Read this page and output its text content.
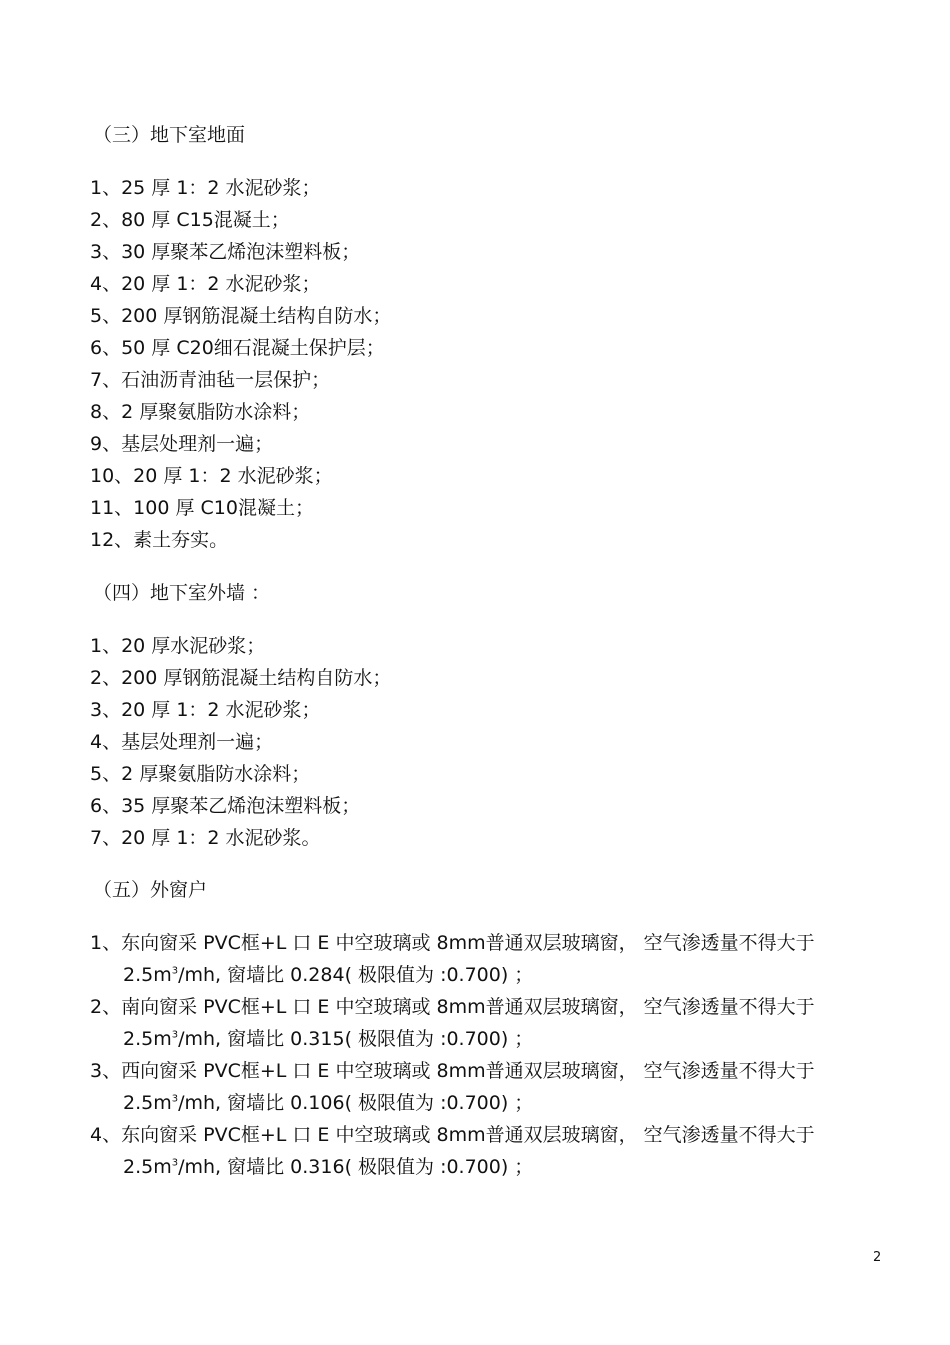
（三）地下室地面
1、25 厚 1：2 水泥砂浆；
2、80 厚 C15混凝土；
3、30 厚聚苯乙烯泡沫塑料板；
4、20 厚 1：2 水泥砂浆；
5、200 厚钢筋混凝土结构自防水；
6、50 厚 C20细石混凝土保护层；
7、石油沥青油毡一层保护；
8、2 厚聚氨脂防水涂料；
9、基层处理剂一遍；
10、20 厚 1：2 水泥砂浆；
11、100 厚 C10混凝土；
12、素土夯实。
（四）地下室外墙 ：
1、20 厚水泥砂浆；
2、200 厚钢筋混凝土结构自防水；
3、20 厚 1：2 水泥砂浆；
4、基层处理剂一遍；
5、2 厚聚氨脂防水涂料；
6、35 厚聚苯乙烯泡沫塑料板；
7、20 厚 1：2 水泥砂浆。
（五）外窗户
1、东向窗采 PVC框+L 口 E 中空玻璃或 8mm普通双层玻璃窗， 空气渗透量不得大于
$2.5m^3/mh$, 窗墙比 0.284( 极限值为 :0.700) ；
2、南向窗采 PVC框+L 口 E 中空玻璃或 8mm普通双层玻璃窗， 空气渗透量不得大于
$2.5m^3/mh$, 窗墙比 0.315( 极限值为 :0.700) ；
3、西向窗采 PVC框+L 口 E 中空玻璃或 8mm普通双层玻璃窗， 空气渗透量不得大于
$2.5m^3/mh$, 窗墙比 0.106( 极限值为 :0.700) ；
4、东向窗采 PVC框+L 口 E 中空玻璃或 8mm普通双层玻璃窗， 空气渗透量不得大于
$2.5m^3/mh$, 窗墙比 0.316( 极限值为 :0.700) ；
2
